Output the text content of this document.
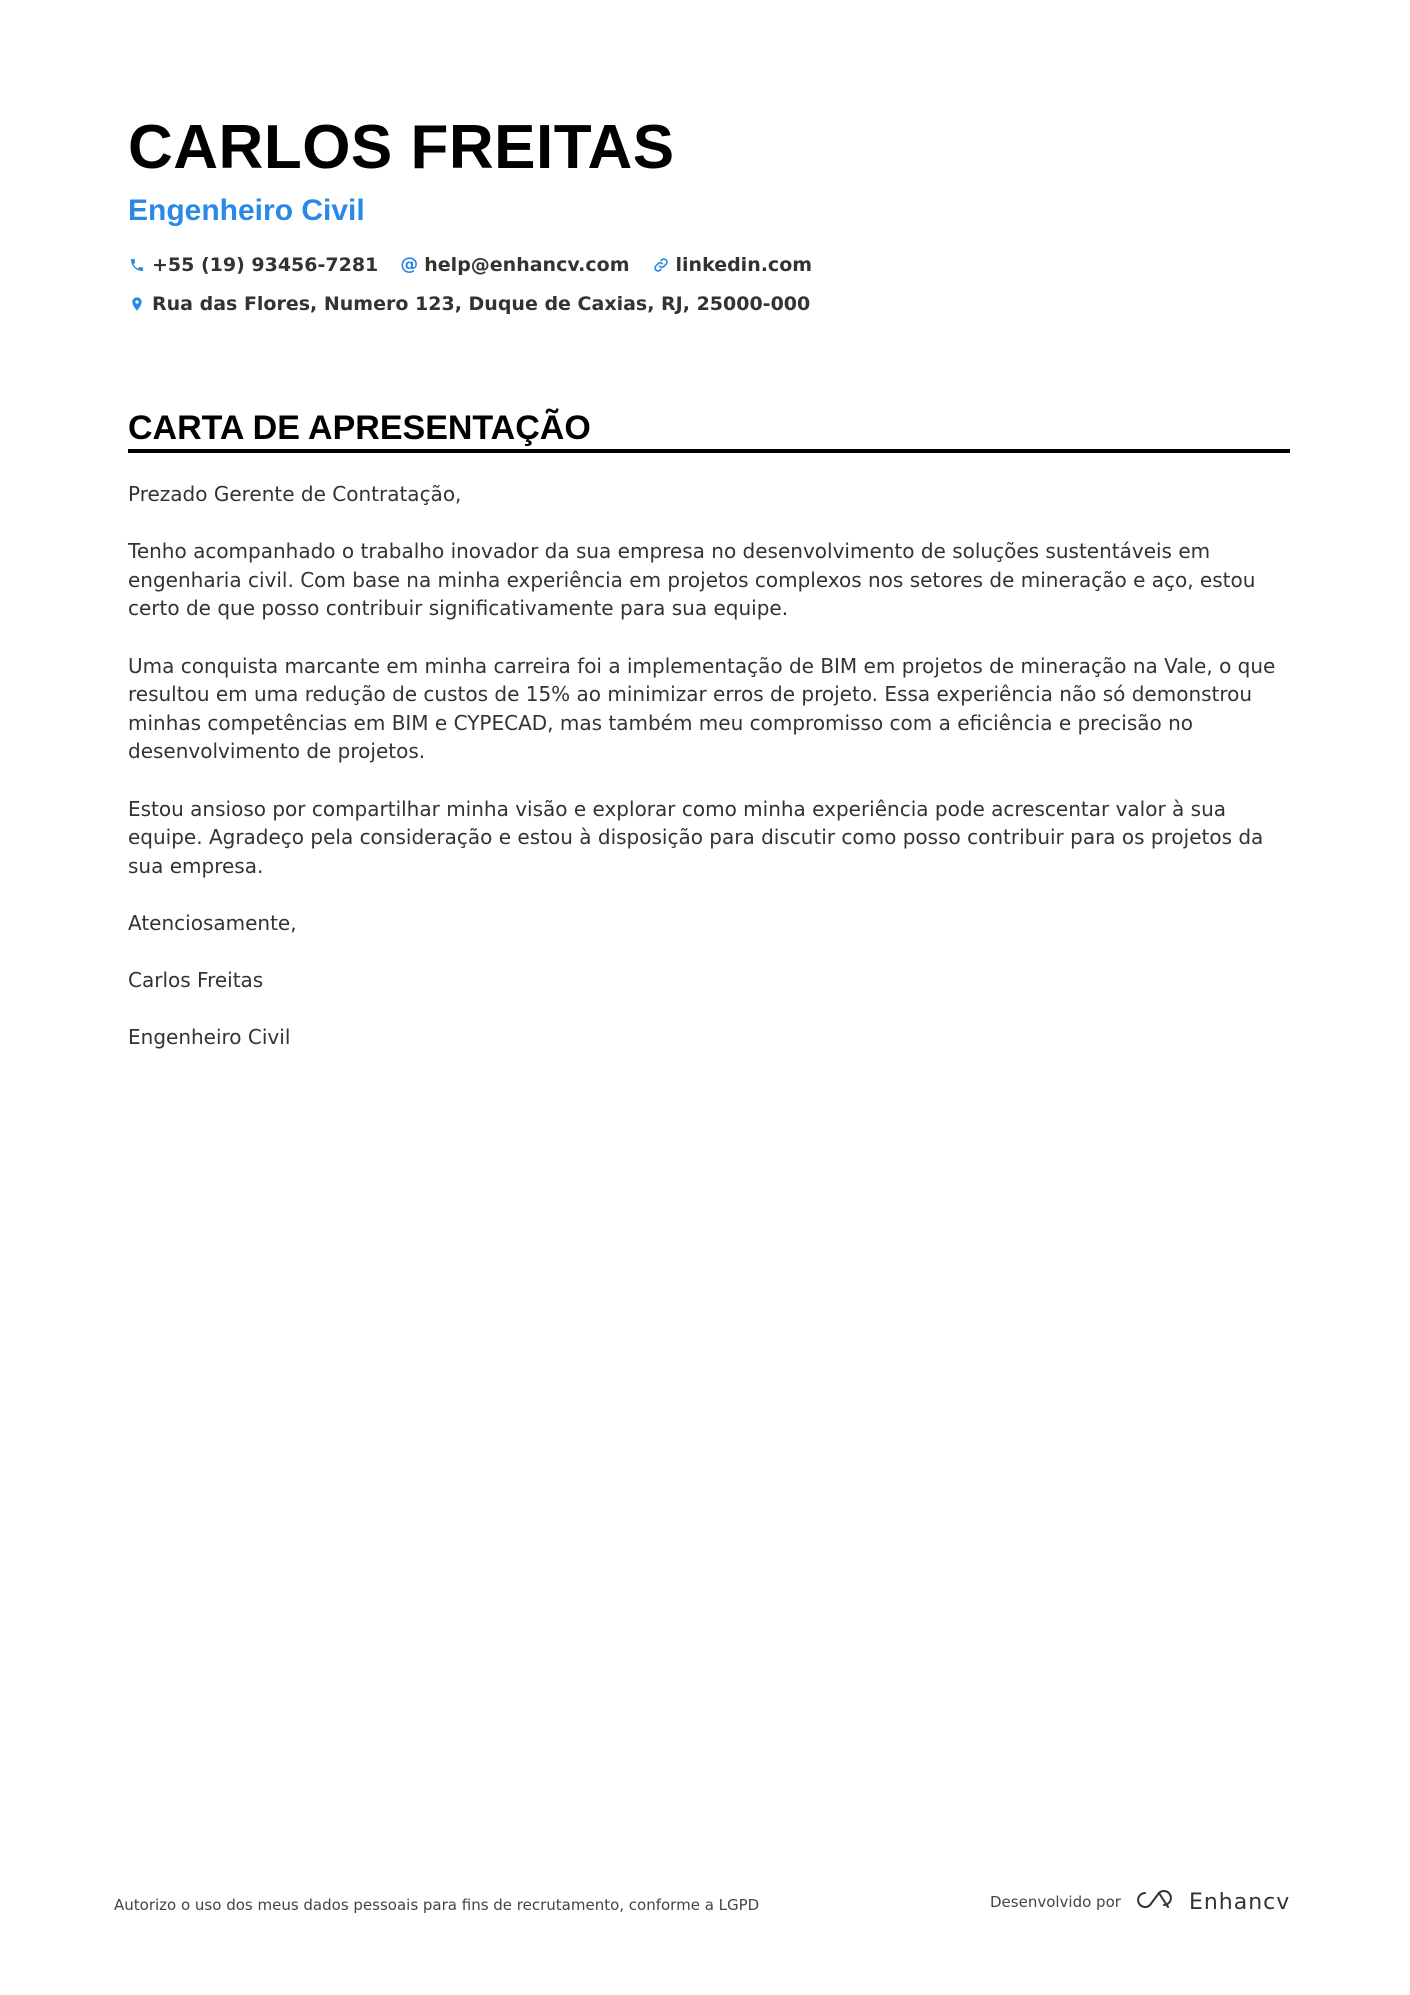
CARLOS FREITAS
Engenheiro Civil
+55 (19) 93456-7281 @ help@enhancv.com linkedin.com
Rua das Flores, Numero 123, Duque de Caxias, RJ, 25000-000
CARTA DE APRESENTAÇÃO

Prezado Gerente de Contratação,

Tenho acompanhado o trabalho inovador da sua empresa no desenvolvimento de soluções sustentáveis em engenharia civil. Com base na minha experiência em projetos complexos nos setores de mineração e aço, estou certo de que posso contribuir significativamente para sua equipe.

Uma conquista marcante em minha carreira foi a implementação de BIM em projetos de mineração na Vale, o que resultou em uma redução de custos de 15% ao minimizar erros de projeto. Essa experiência não só demonstrou minhas competências em BIM e CYPECAD, mas também meu compromisso com a eficiência e precisão no desenvolvimento de projetos.

Estou ansioso por compartilhar minha visão e explorar como minha experiência pode acrescentar valor à sua equipe. Agradeço pela consideração e estou à disposição para discutir como posso contribuir para os projetos da sua empresa.

Atenciosamente,

Carlos Freitas

Engenheiro Civil

Autorizo o uso dos meus dados pessoais para fins de recrutamento, conforme a LGPD	Desenvolvido por	Enhancv
